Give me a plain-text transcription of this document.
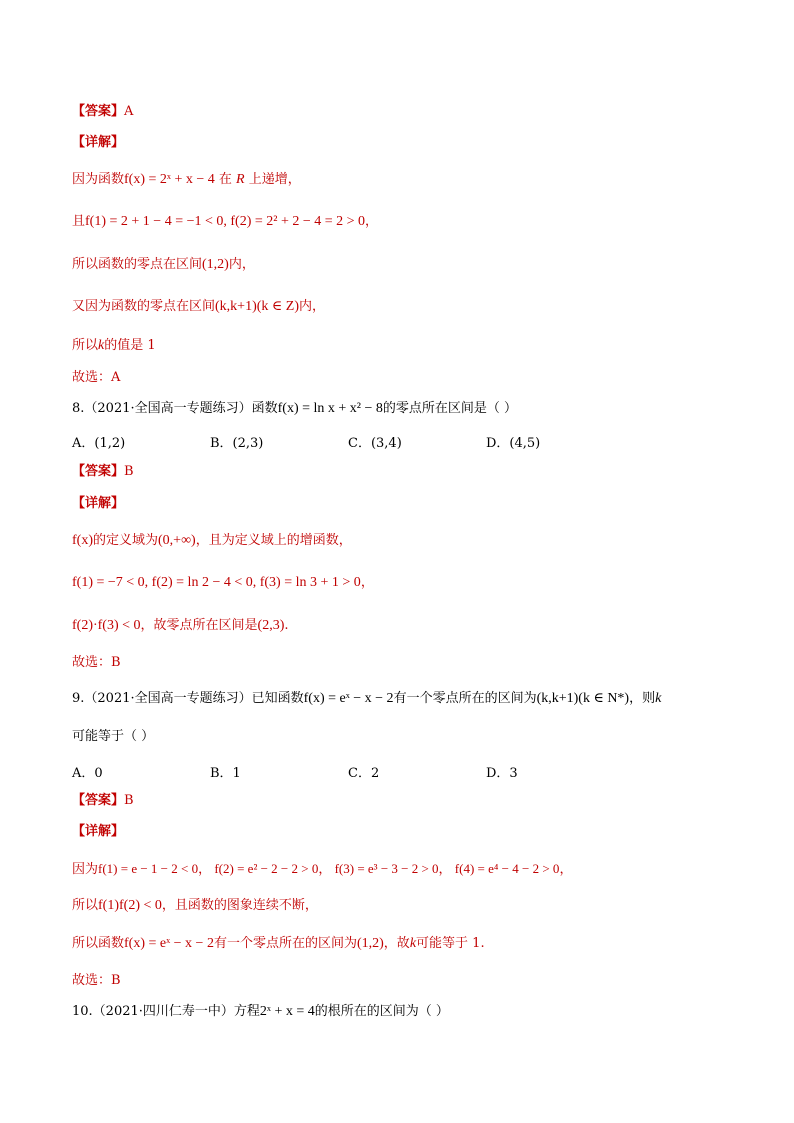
【答案】A
【详解】
因为函数f(x) = 2ˣ + x − 4 在 R 上递增，
且f(1) = 2 + 1 − 4 = −1 < 0, f(2) = 2² + 2 − 4 = 2 > 0，
所以函数的零点在区间(1,2)内，
又因为函数的零点在区间(k,k+1)(k ∈ Z)内，
所以k的值是 1
故选：A
8.（2021·全国高一专题练习）函数f(x) = ln x + x² − 8的零点所在区间是（ ）
A．(1,2)	B．(2,3)	C．(3,4)	D．(4,5)
【答案】B
【详解】
f(x)的定义域为(0,+∞)，且为定义域上的增函数，
f(1) = −7 < 0, f(2) = ln 2 − 4 < 0, f(3) = ln 3 + 1 > 0，
f(2)·f(3) < 0，故零点所在区间是(2,3).
故选：B
9.（2021·全国高一专题练习）已知函数f(x) = eˣ − x − 2有一个零点所在的区间为(k,k+1)(k ∈ N*)，则k
可能等于（ ）
A．0	B．1	C．2	D．3
【答案】B
【详解】
因为f(1) = e − 1 − 2 < 0， f(2) = e² − 2 − 2 > 0， f(3) = e³ − 3 − 2 > 0， f(4) = e⁴ − 4 − 2 > 0，
所以f(1)f(2) < 0，且函数的图象连续不断，
所以函数f(x) = eˣ − x − 2有一个零点所在的区间为(1,2)，故k可能等于 1.
故选：B
10.（2021·四川仁寿一中）方程2ˣ + x = 4的根所在的区间为（ ）
